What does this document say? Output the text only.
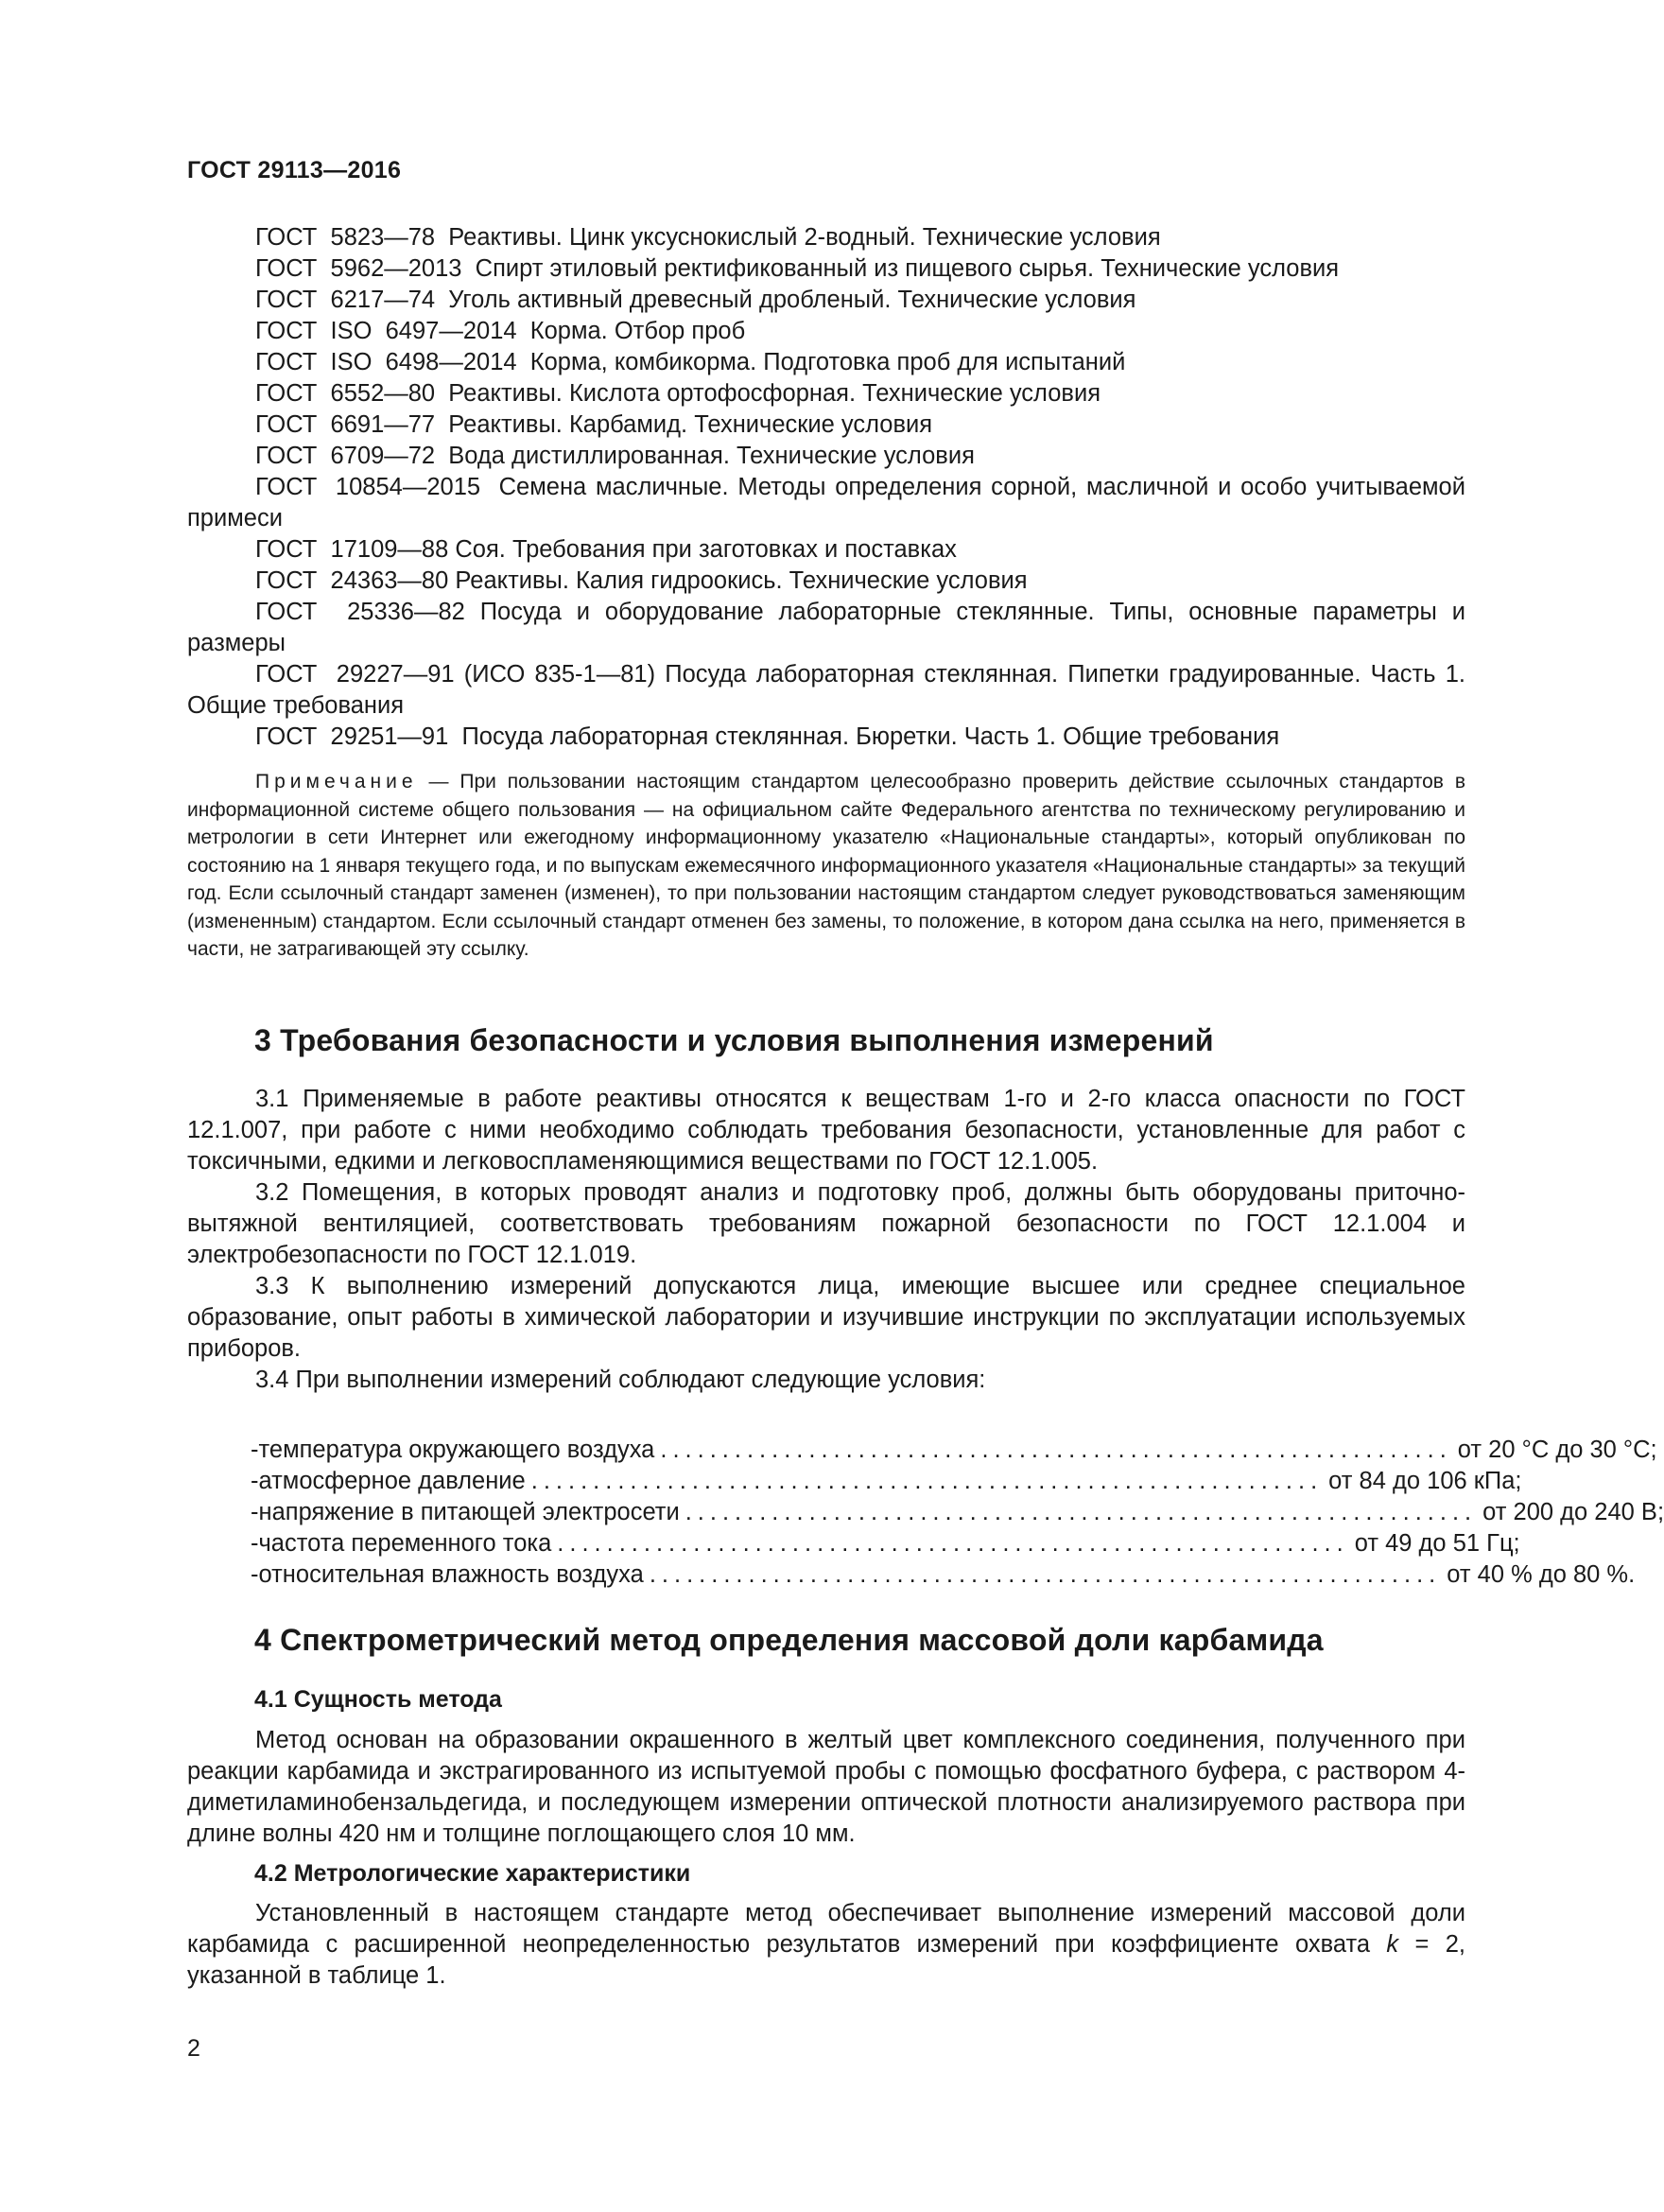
ГОСТ 29113—2016

ГОСТ  5823—78  Реактивы. Цинк уксуснокислый 2-водный. Технические условия

ГОСТ  5962—2013  Спирт этиловый ректификованный из пищевого сырья. Технические условия

ГОСТ  6217—74  Уголь активный древесный дробленый. Технические условия

ГОСТ  ISO  6497—2014  Корма. Отбор проб

ГОСТ  ISO  6498—2014  Корма, комбикорма. Подготовка проб для испытаний

ГОСТ  6552—80  Реактивы. Кислота ортофосфорная. Технические условия

ГОСТ  6691—77  Реактивы. Карбамид. Технические условия

ГОСТ  6709—72  Вода дистиллированная. Технические условия

ГОСТ  10854—2015  Семена масличные. Методы определения сорной, масличной и особо учитываемой примеси

ГОСТ  17109—88 Соя. Требования при заготовках и поставках

ГОСТ  24363—80 Реактивы. Калия гидроокись. Технические условия

ГОСТ  25336—82 Посуда и оборудование лабораторные стеклянные. Типы, основные параметры и размеры

ГОСТ  29227—91 (ИСО 835-1—81) Посуда лабораторная стеклянная. Пипетки градуированные. Часть 1. Общие требования

ГОСТ  29251—91  Посуда лабораторная стеклянная. Бюретки. Часть 1. Общие требования

Примечание — При пользовании настоящим стандартом целесообразно проверить действие ссылочных стандартов в информационной системе общего пользования — на официальном сайте Федерального агентства по техническому регулированию и метрологии в сети Интернет или ежегодному информационному указателю «Национальные стандарты», который опубликован по состоянию на 1 января текущего года, и по выпускам ежемесячного информационного указателя «Национальные стандарты» за текущий год. Если ссылочный стандарт заменен (изменен), то при пользовании настоящим стандартом следует руководствоваться заменяющим (измененным) стандартом. Если ссылочный стандарт отменен без замены, то положение, в котором дана ссылка на него, применяется в части, не затрагивающей эту ссылку.

3 Требования безопасности и условия выполнения измерений

3.1 Применяемые в работе реактивы относятся к веществам 1-го и 2-го класса опасности по ГОСТ 12.1.007, при работе с ними необходимо соблюдать требования безопасности, установленные для работ с токсичными, едкими и легковоспламеняющимися веществами по ГОСТ 12.1.005.

3.2 Помещения, в которых проводят анализ и подготовку проб, должны быть оборудованы приточно-вытяжной вентиляцией, соответствовать требованиям пожарной безопасности по ГОСТ 12.1.004 и электробезопасности по ГОСТ 12.1.019.

3.3 К выполнению измерений допускаются лица, имеющие высшее или среднее специальное образование, опыт работы в химической лаборатории и изучившие инструкции по эксплуатации используемых приборов.

3.4 При выполнении измерений соблюдают следующие условия:

- температура окружающего воздуха ................................................................ от 20 °С до 30 °С;
- атмосферное давление ................................................................ от 84 до 106 кПа;
- напряжение в питающей электросети ................................................................ от 200 до 240 В;
- частота переменного тока ................................................................ от 49 до 51 Гц;
- относительная влажность воздуха ................................................................ от 40 % до 80 %.
4 Спектрометрический метод определения массовой доли карбамида
4.1 Сущность метода

Метод основан на образовании окрашенного в желтый цвет комплексного соединения, полученного при реакции карбамида и экстрагированного из испытуемой пробы с помощью фосфатного буфера, с раствором 4-диметиламинобензальдегида, и последующем измерении оптической плотности анализируемого раствора при длине волны 420 нм и толщине поглощающего слоя 10 мм.

4.2 Метрологические характеристики

Установленный в настоящем стандарте метод обеспечивает выполнение измерений массовой доли карбамида с расширенной неопределенностью результатов измерений при коэффициенте охвата k = 2, указанной в таблице 1.

2
